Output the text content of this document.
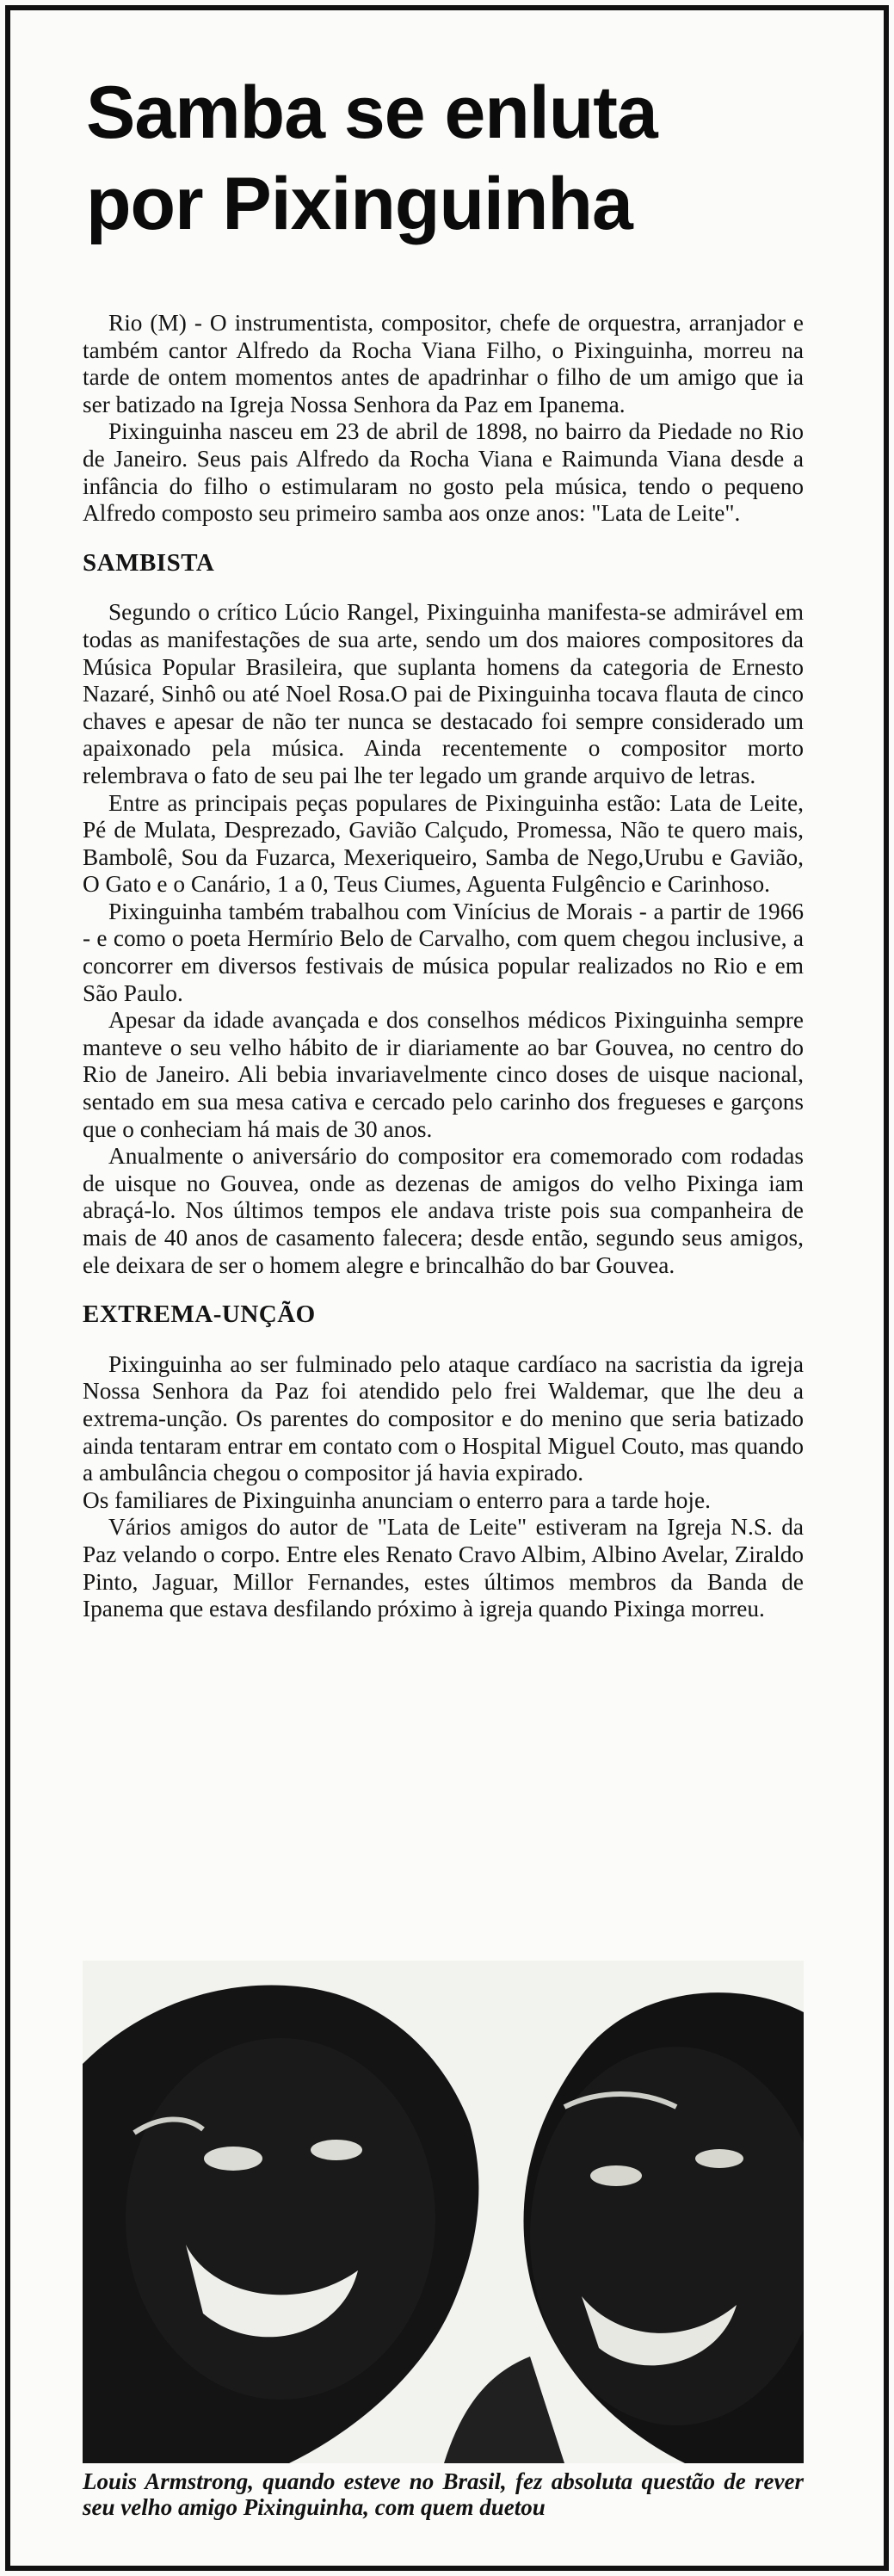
Samba se enluta
por Pixinguinha

Rio (M) - O instrumentista, compositor, chefe de orquestra, arranjador e também cantor Alfredo da Rocha Viana Filho, o Pixinguinha, morreu na tarde de ontem momentos antes de apadrinhar o filho de um amigo que ia ser batizado na Igreja Nossa Senhora da Paz em Ipanema.

Pixinguinha nasceu em 23 de abril de 1898, no bairro da Piedade no Rio de Janeiro. Seus pais Alfredo da Rocha Viana e Raimunda Viana desde a infância do filho o estimularam no gosto pela música, tendo o pequeno Alfredo composto seu primeiro samba aos onze anos: "Lata de Leite".

SAMBISTA

Segundo o crítico Lúcio Rangel, Pixinguinha manifesta-se admirável em todas as manifestações de sua arte, sendo um dos maiores compositores da Música Popular Brasileira, que suplanta homens da categoria de Ernesto Nazaré, Sinhô ou até Noel Rosa.O pai de Pixinguinha tocava flauta de cinco chaves e apesar de não ter nunca se destacado foi sempre considerado um apaixonado pela música. Ainda recentemente o compositor morto relembrava o fato de seu pai lhe ter legado um grande arquivo de letras.

Entre as principais peças populares de Pixinguinha estão: Lata de Leite, Pé de Mulata, Desprezado, Gavião Calçudo, Promessa, Não te quero mais, Bambolê, Sou da Fuzarca, Mexeriqueiro, Samba de Nego,Urubu e Gavião, O Gato e o Canário, 1 a 0, Teus Ciumes, Aguenta Fulgêncio e Carinhoso.

Pixinguinha também trabalhou com Vinícius de Morais - a partir de 1966 - e como o poeta Hermírio Belo de Carvalho, com quem chegou inclusive, a concorrer em diversos festivais de música popular realizados no Rio e em São Paulo.

Apesar da idade avançada e dos conselhos médicos Pixinguinha sempre manteve o seu velho hábito de ir diariamente ao bar Gouvea, no centro do Rio de Janeiro. Ali bebia invariavelmente cinco doses de uisque nacional, sentado em sua mesa cativa e cercado pelo carinho dos fregueses e garçons que o conheciam há mais de 30 anos.

Anualmente o aniversário do compositor era comemorado com rodadas de uisque no Gouvea, onde as dezenas de amigos do velho Pixinga iam abraçá-lo. Nos últimos tempos ele andava triste pois sua companheira de mais de 40 anos de casamento falecera; desde então, segundo seus amigos, ele deixara de ser o homem alegre e brincalhão do bar Gouvea.

EXTREMA-UNÇÃO

Pixinguinha ao ser fulminado pelo ataque cardíaco na sacristia da igreja Nossa Senhora da Paz foi atendido pelo frei Waldemar, que lhe deu a extrema-unção. Os parentes do compositor e do menino que seria batizado ainda tentaram entrar em contato com o Hospital Miguel Couto, mas quando a ambulância chegou o compositor já havia expirado.

Os familiares de Pixinguinha anunciam o enterro para a tarde hoje.

Vários amigos do autor de "Lata de Leite" estiveram na Igreja N.S. da Paz velando o corpo. Entre eles Renato Cravo Albim, Albino Avelar, Ziraldo Pinto, Jaguar, Millor Fernandes, estes últimos membros da Banda de Ipanema que estava desfilando próximo à igreja quando Pixinga morreu.

Louis Armstrong, quando esteve no Brasil, fez absoluta questão de rever seu velho amigo Pixinguinha, com quem duetou
